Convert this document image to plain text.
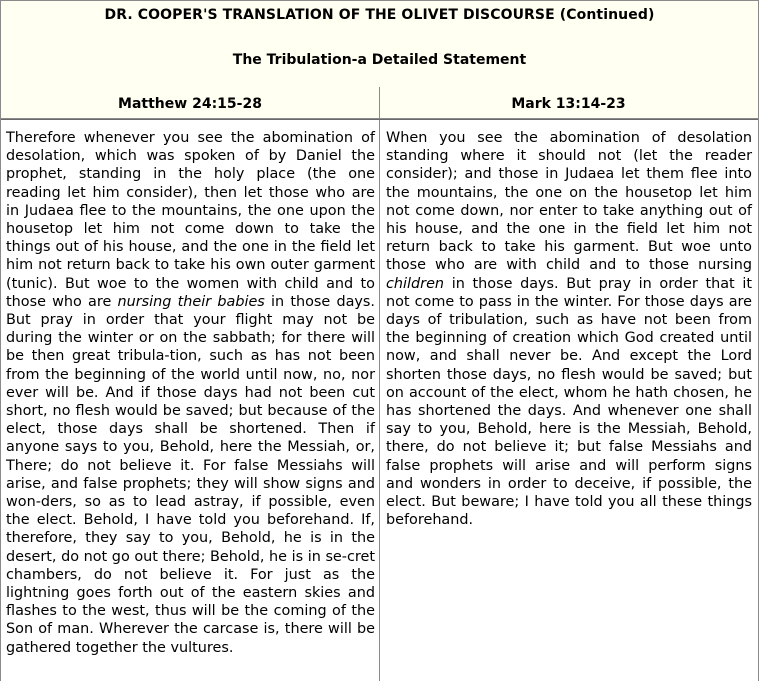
DR. COOPER'S TRANSLATION OF THE OLIVET DISCOURSE (Continued)
The Tribulation-a Detailed Statement
Matthew 24:15-28	Mark 13:14-23
Therefore whenever you see the abomination of desolation, which was spoken of by Daniel the prophet, standing in the holy place (the one reading let him consider), then let those who are in Judaea flee to the mountains, the one upon the housetop let him not come down to take the things out of his house, and the one in the field let him not return back to take his own outer garment (tunic). But woe to the women with child and to those who are nursing their babies in those days. But pray in order that your flight may not be during the winter or on the sabbath; for there will be then great tribula-tion, such as has not been from the beginning of the world until now, no, nor ever will be. And if those days had not been cut short, no flesh would be saved; but because of the elect, those days shall be shortened. Then if anyone says to you, Behold, here the Messiah, or, There; do not believe it. For false Messiahs will arise, and false prophets; they will show signs and won-ders, so as to lead astray, if possible, even the elect. Behold, I have told you beforehand. If, therefore, they say to you, Behold, he is in the desert, do not go out there; Behold, he is in se-cret chambers, do not believe it. For just as the lightning goes forth out of the eastern skies and flashes to the west, thus will be the coming of the Son of man. Wherever the carcase is, there will be gathered together the vultures.
When you see the abomination of desolation standing where it should not (let the reader consider); and those in Judaea let them flee into the mountains, the one on the housetop let him not come down, nor enter to take anything out of his house, and the one in the field let him not return back to take his garment. But woe unto those who are with child and to those nursing children in those days. But pray in order that it not come to pass in the winter. For those days are days of tribulation, such as have not been from the beginning of creation which God created until now, and shall never be. And except the Lord shorten those days, no flesh would be saved; but on account of the elect, whom he hath chosen, he has shortened the days. And whenever one shall say to you, Behold, here is the Messiah, Behold, there, do not believe it; but false Messiahs and false prophets will arise and will perform signs and wonders in order to deceive, if possible, the elect. But beware; I have told you all these things beforehand.
